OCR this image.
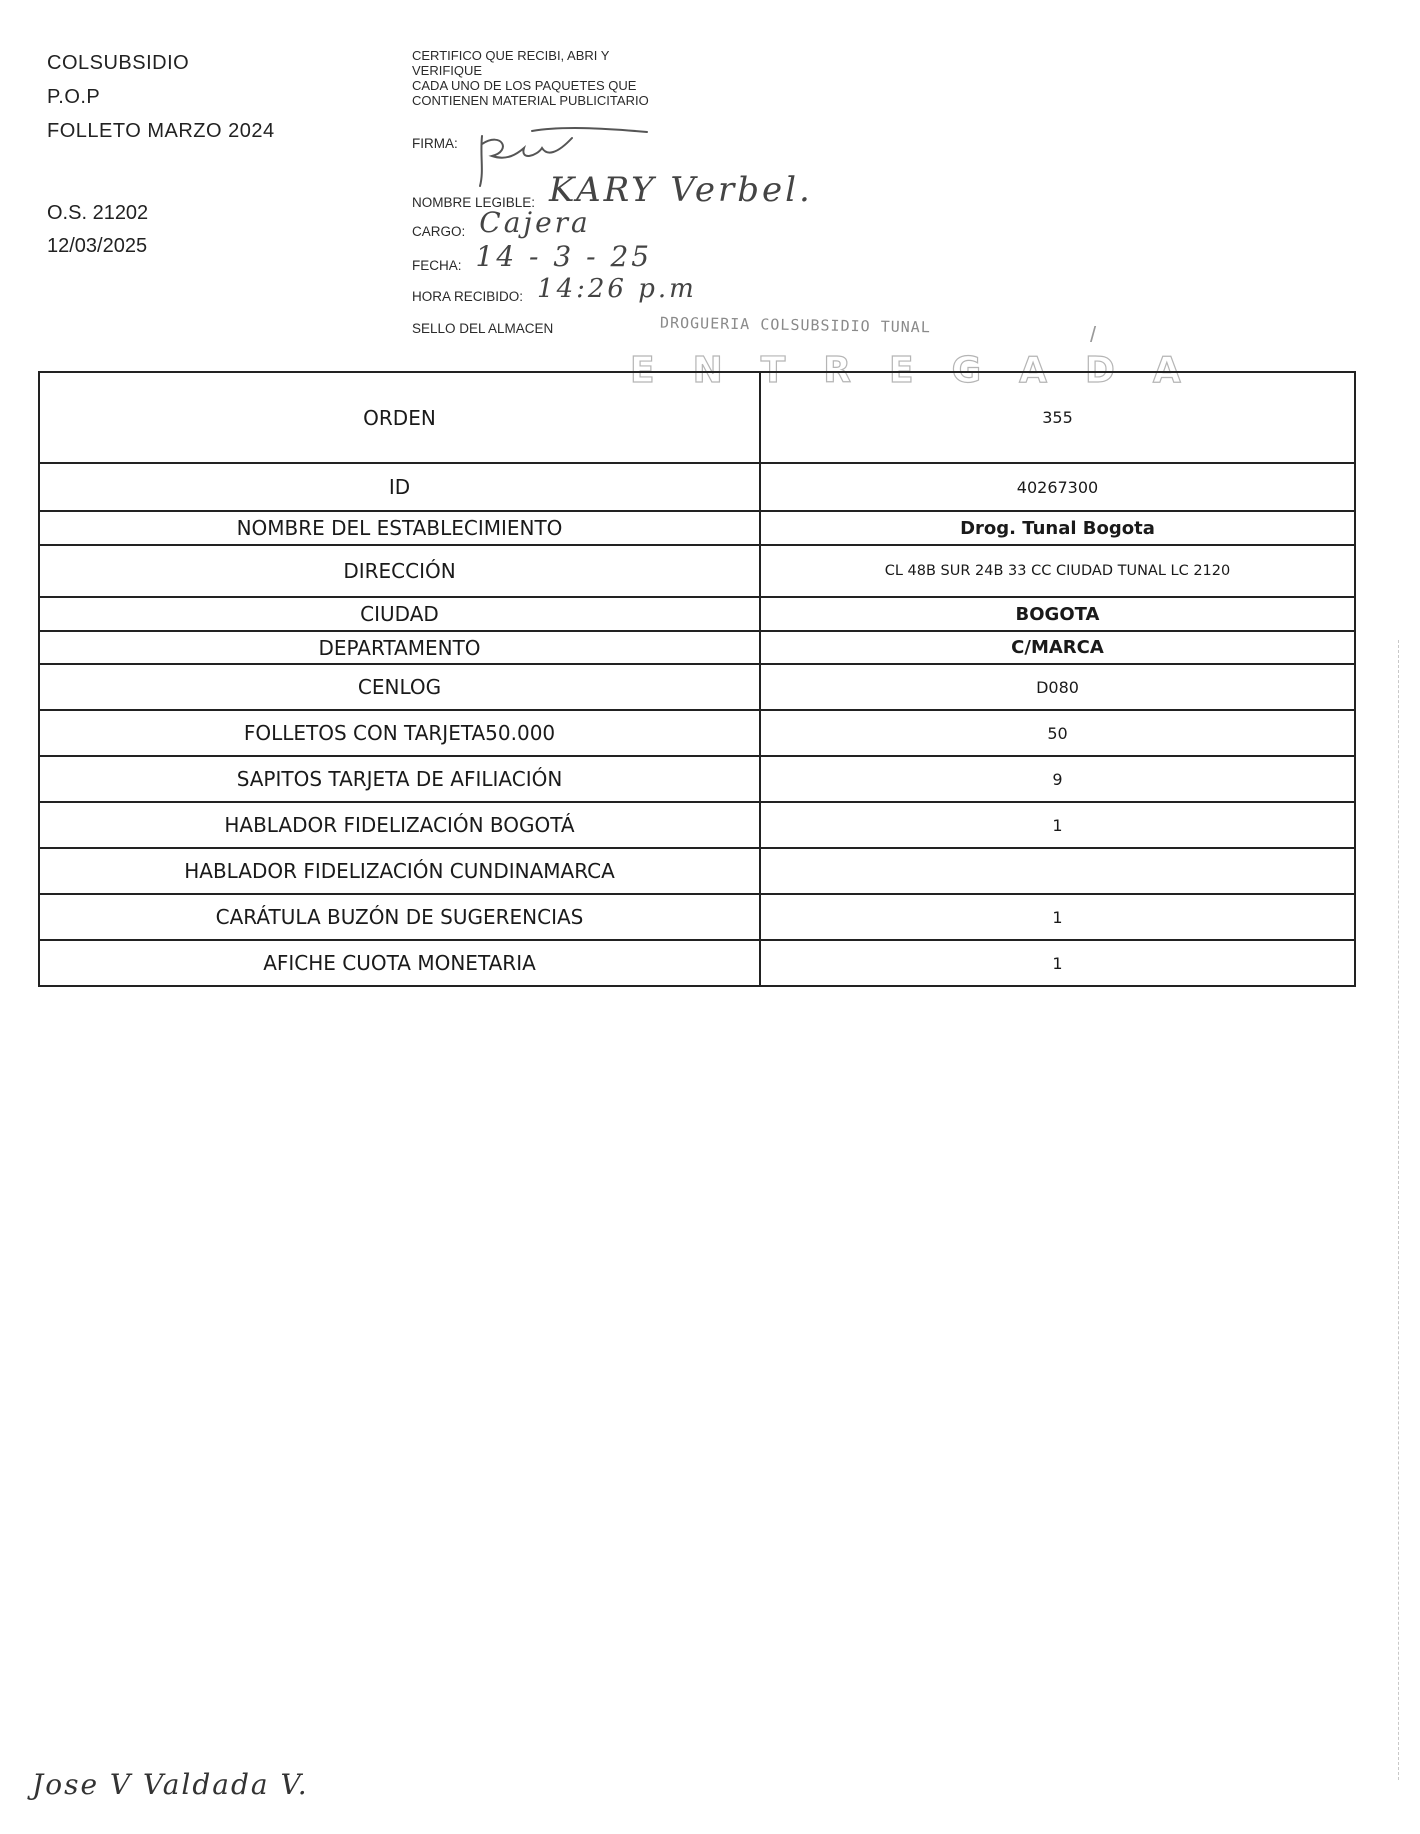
COLSUBSIDIO
P.O.P
FOLLETO MARZO 2024
O.S. 21202
12/03/2025
CERTIFICO QUE RECIBI, ABRI Y
VERIFIQUE
CADA UNO DE LOS PAQUETES QUE
CONTIENEN MATERIAL PUBLICITARIO
FIRMA:
NOMBRE LEGIBLE: KARY Verbel.
CARGO: Cajera
FECHA: 14 - 3 - 25
HORA RECIBIDO: 14:26 p.m
SELLO DEL ALMACEN	DROGUERIA COLSUBSIDIO TUNAL
ENTREGADA
/
ORDEN	355
ID	40267300
NOMBRE DEL ESTABLECIMIENTO	Drog. Tunal Bogota
DIRECCIÓN	CL 48B SUR 24B 33 CC CIUDAD TUNAL LC 2120
CIUDAD	BOGOTA
DEPARTAMENTO	C/MARCA
CENLOG	D080
FOLLETOS CON TARJETA50.000	50
SAPITOS TARJETA DE AFILIACIÓN	9
HABLADOR FIDELIZACIÓN BOGOTÁ	1
HABLADOR FIDELIZACIÓN CUNDINAMARCA	
CARÁTULA BUZÓN DE SUGERENCIAS	1
AFICHE CUOTA MONETARIA	1
Jose V Valdada V.
